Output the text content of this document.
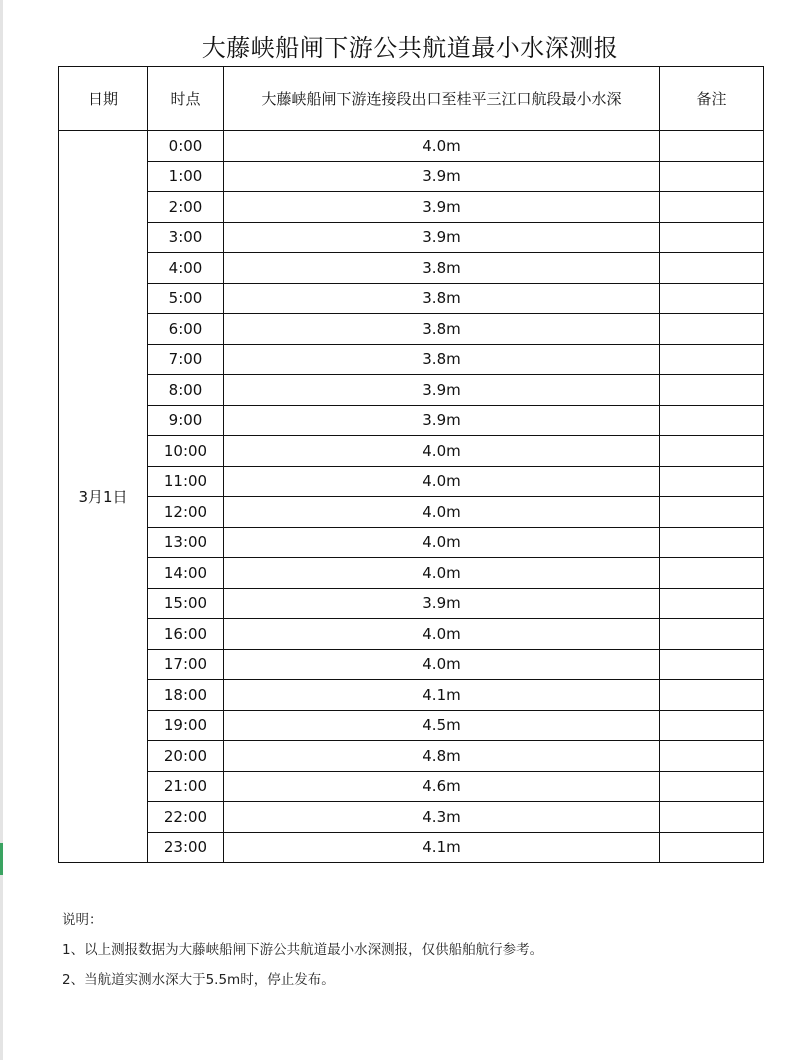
大藤峡船闸下游公共航道最小水深测报
日期	时点	大藤峡船闸下游连接段出口至桂平三江口航段最小水深	备注
3月1日	0:00	4.0m	
	1:00	3.9m	
	2:00	3.9m	
	3:00	3.9m	
	4:00	3.8m	
	5:00	3.8m	
	6:00	3.8m	
	7:00	3.8m	
	8:00	3.9m	
	9:00	3.9m	
	10:00	4.0m	
	11:00	4.0m	
	12:00	4.0m	
	13:00	4.0m	
	14:00	4.0m	
	15:00	3.9m	
	16:00	4.0m	
	17:00	4.0m	
	18:00	4.1m	
	19:00	4.5m	
	20:00	4.8m	
	21:00	4.6m	
	22:00	4.3m	
	23:00	4.1m	
说明：
1、以上测报数据为大藤峡船闸下游公共航道最小水深测报，仅供船舶航行参考。
2、当航道实测水深大于5.5m时，停止发布。
